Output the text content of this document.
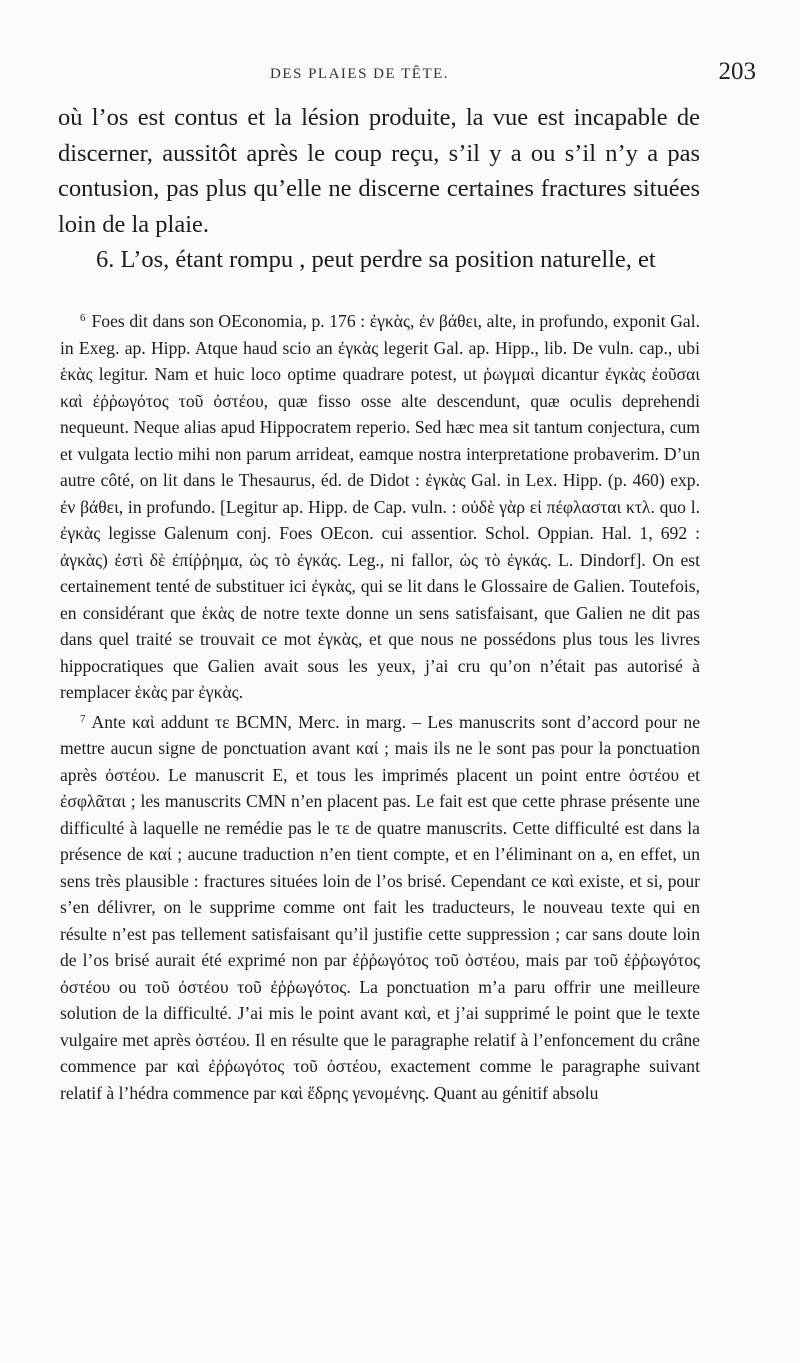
DES PLAIES DE TÊTE.	203

où l’os est contus et la lésion produite, la vue est incapable de discerner, aussitôt après le coup reçu, s’il y a ou s’il n’y a pas contusion, pas plus qu’elle ne discerne certaines fractures situées loin de la plaie.

6. L’os, étant rompu , peut perdre sa position naturelle, et

$^6$ Foes dit dans son OEconomia, p. 176 : ἐγκὰς, ἐν βάθει, alte, in profundo, exponit Gal. in Exeg. ap. Hipp. Atque haud scio an ἐγκὰς legerit Gal. ap. Hipp., lib. De vuln. cap., ubi ἑκὰς legitur. Nam et huic loco optime quadrare potest, ut ῥωγμαὶ dicantur ἐγκὰς ἐοῦσαι καὶ ἐῤῥωγότος τοῦ ὀστέου, quæ fisso osse alte descendunt, quæ oculis deprehendi nequeunt. Neque alias apud Hippocratem reperio. Sed hæc mea sit tantum conjectura, cum et vulgata lectio mihi non parum arrideat, eamque nostra interpretatione probaverim. D’un autre côté, on lit dans le Thesaurus, éd. de Didot : ἐγκὰς Gal. in Lex. Hipp. (p. 460) exp. ἐν βάθει, in profundo. [Legitur ap. Hipp. de Cap. vuln. : οὐδὲ γὰρ εἰ πέφλασται κτλ. quo l. ἐγκὰς legisse Galenum conj. Foes OEcon. cui assentior. Schol. Oppian. Hal. 1, 692 : ἀγκὰς) ἐστὶ δὲ ἐπίῤῥημα, ὡς τὸ ἐγκάς. Leg., ni fallor, ὡς τὸ ἐγκάς. L. Dindorf]. On est certainement tenté de substituer ici ἐγκὰς, qui se lit dans le Glossaire de Galien. Toutefois, en considérant que ἑκὰς de notre texte donne un sens satisfaisant, que Galien ne dit pas dans quel traité se trouvait ce mot ἐγκὰς, et que nous ne possédons plus tous les livres hippocratiques que Galien avait sous les yeux, j’ai cru qu’on n’était pas autorisé à remplacer ἑκὰς par ἐγκὰς.

$^7$ Ante καὶ addunt τε BCMN, Merc. in marg. – Les manuscrits sont d’accord pour ne mettre aucun signe de ponctuation avant καί ; mais ils ne le sont pas pour la ponctuation après ὀστέου. Le manuscrit E, et tous les imprimés placent un point entre ὀστέου et ἐσφλᾶται ; les manuscrits CMN n’en placent pas. Le fait est que cette phrase présente une difficulté à laquelle ne remédie pas le τε de quatre manuscrits. Cette difficulté est dans la présence de καί ; aucune traduction n’en tient compte, et en l’éliminant on a, en effet, un sens très plausible : fractures situées loin de l’os brisé. Cependant ce καὶ existe, et si, pour s’en délivrer, on le supprime comme ont fait les traducteurs, le nouveau texte qui en résulte n’est pas tellement satisfaisant qu’il justifie cette suppression ; car sans doute loin de l’os brisé aurait été exprimé non par ἐῤῥωγότος τοῦ ὀστέου, mais par τοῦ ἐῤῥωγότος ὀστέου ou τοῦ ὀστέου τοῦ ἐῤῥωγότος. La ponctuation m’a paru offrir une meilleure solution de la difficulté. J’ai mis le point avant καὶ, et j’ai supprimé le point que le texte vulgaire met après ὀστέου. Il en résulte que le paragraphe relatif à l’enfoncement du crâne commence par καὶ ἐῤῥωγότος τοῦ ὀστέου, exactement comme le paragraphe suivant relatif à l’hédra commence par καὶ ἕδρης γενομένης. Quant au génitif absolu
